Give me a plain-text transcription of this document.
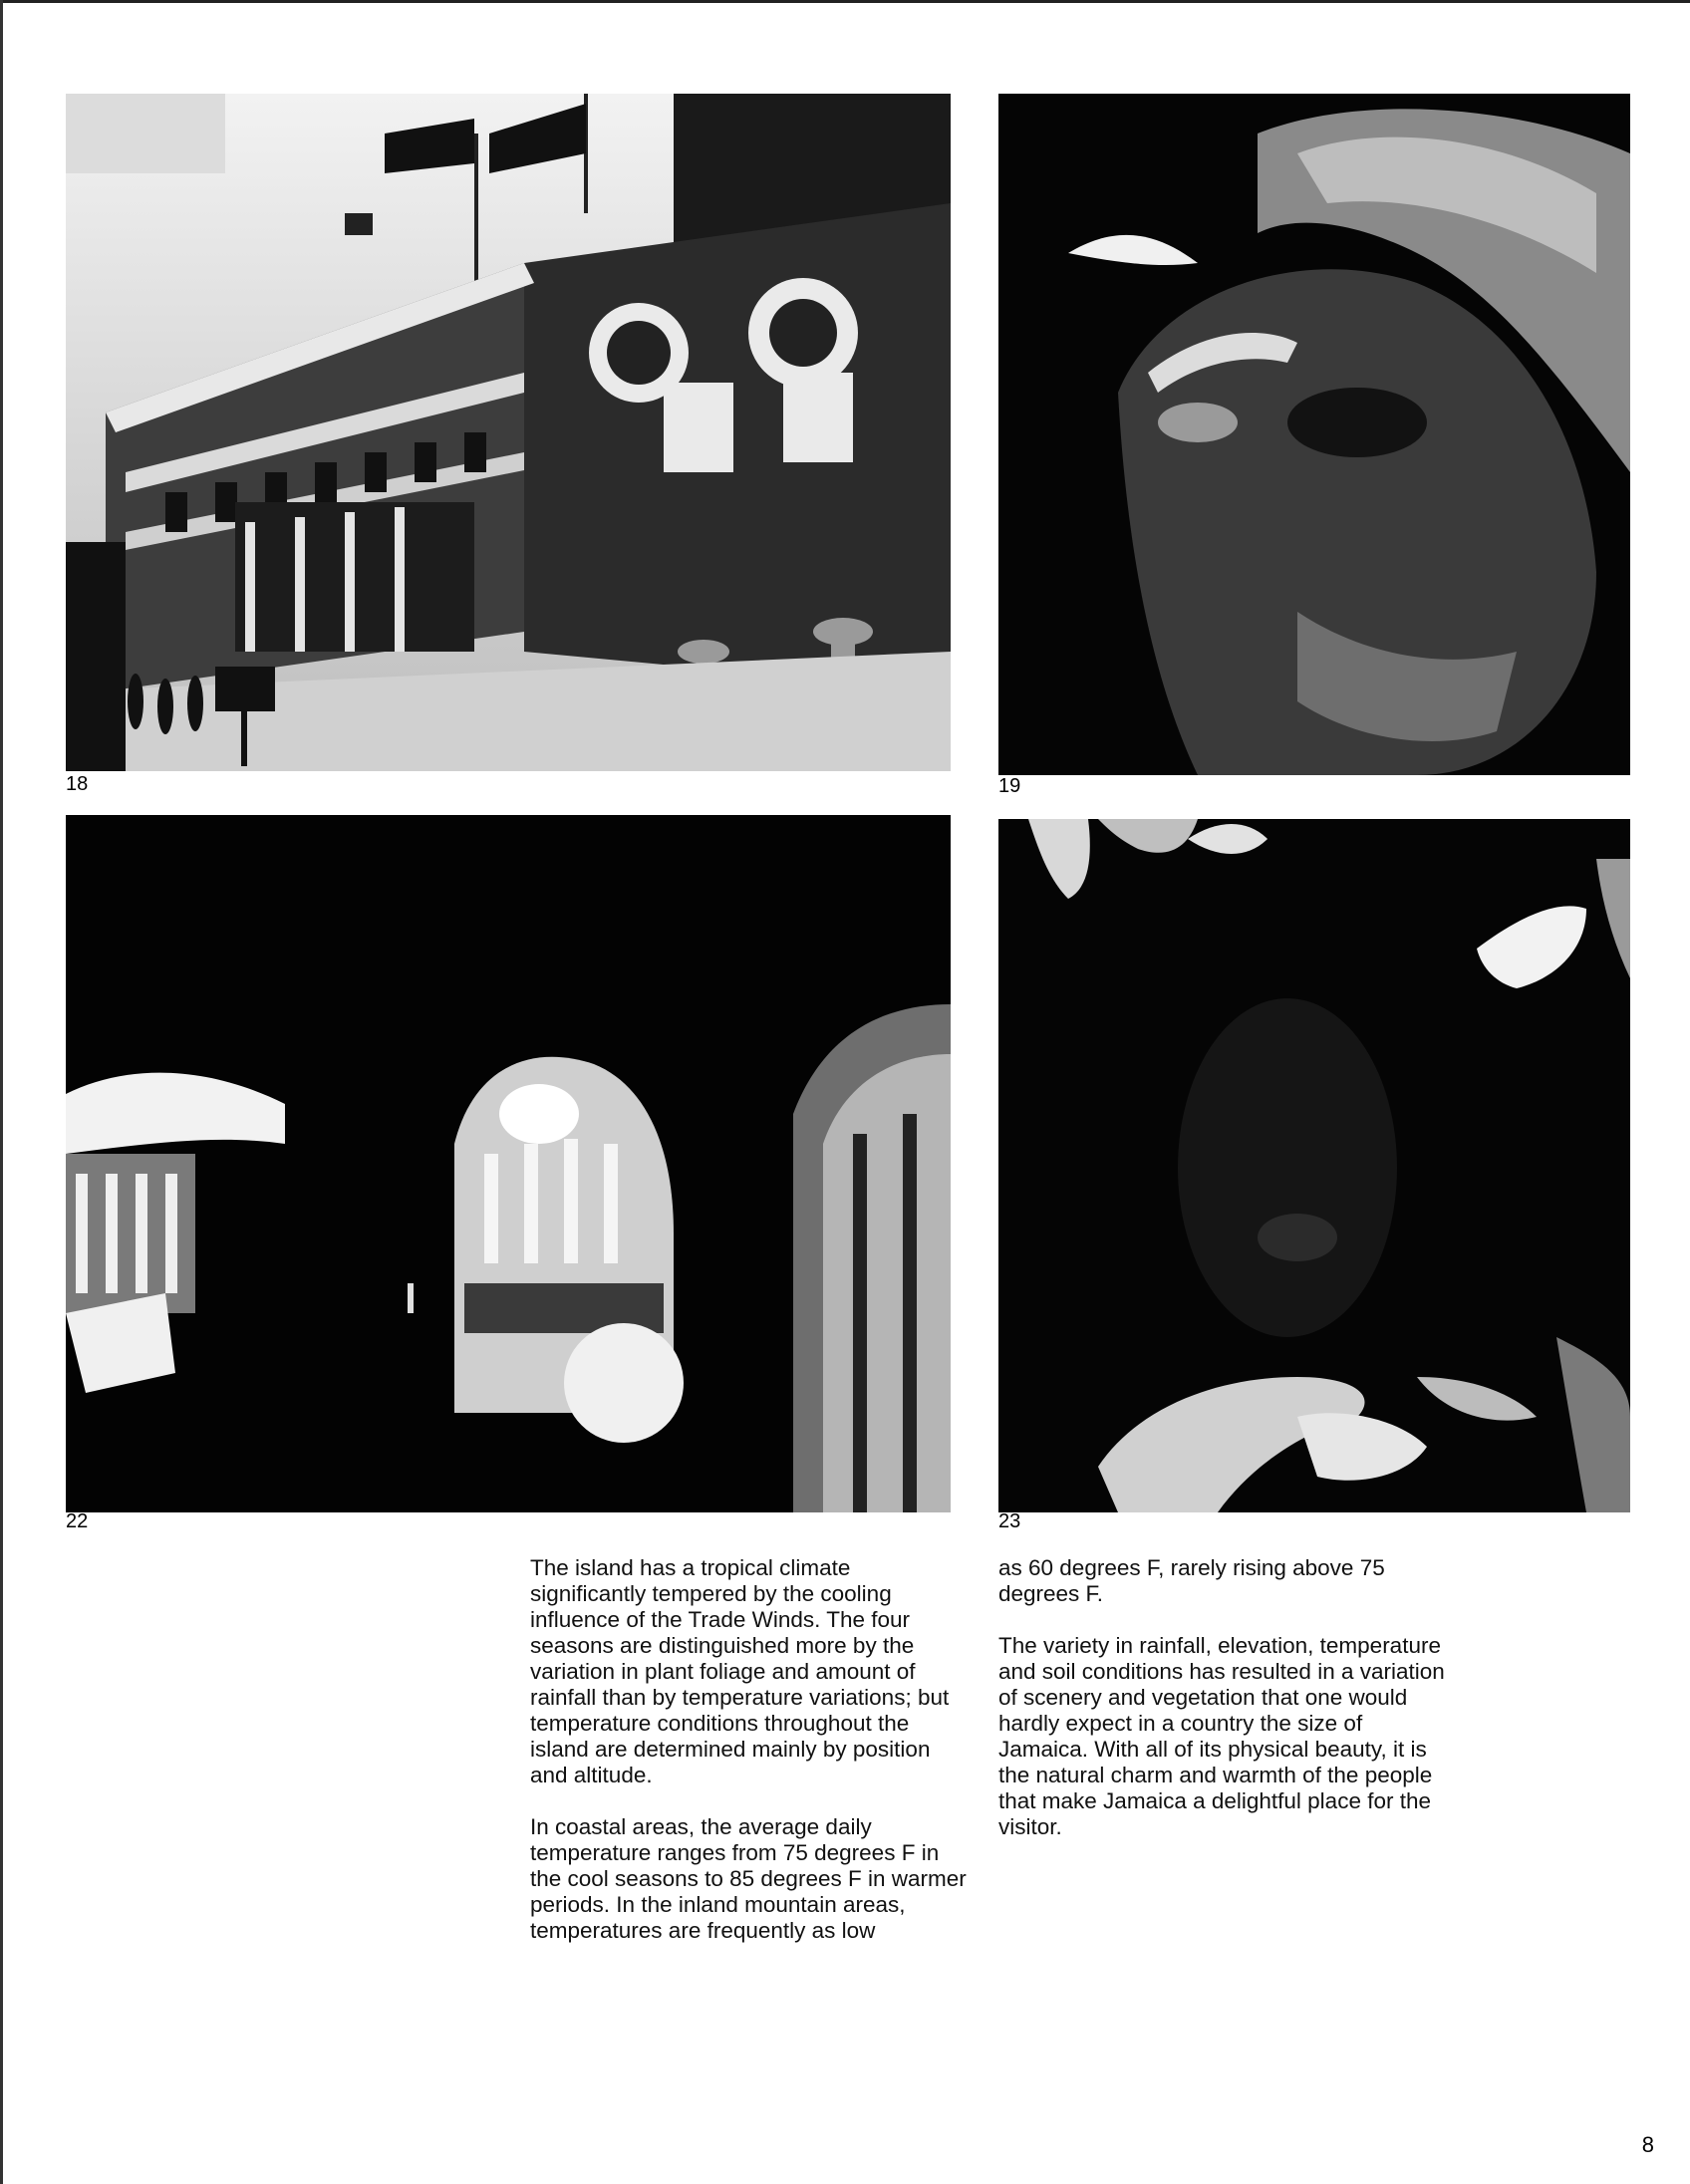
18	19
22	23

The island has a tropical climate significantly tempered by the cooling influence of the Trade Winds. The four seasons are distinguished more by the variation in plant foliage and amount of rainfall than by temperature variations; but temperature conditions throughout the island are determined mainly by position and altitude.

In coastal areas, the average daily temperature ranges from 75 degrees F in the cool seasons to 85 degrees F in warmer periods. In the inland mountain areas, temperatures are frequently as low

as 60 degrees F, rarely rising above 75 degrees F.

The variety in rainfall, elevation, temperature and soil conditions has resulted in a variation of scenery and vegetation that one would hardly expect in a country the size of Jamaica. With all of its physical beauty, it is the natural charm and warmth of the people that make Jamaica a delightful place for the visitor.

8
